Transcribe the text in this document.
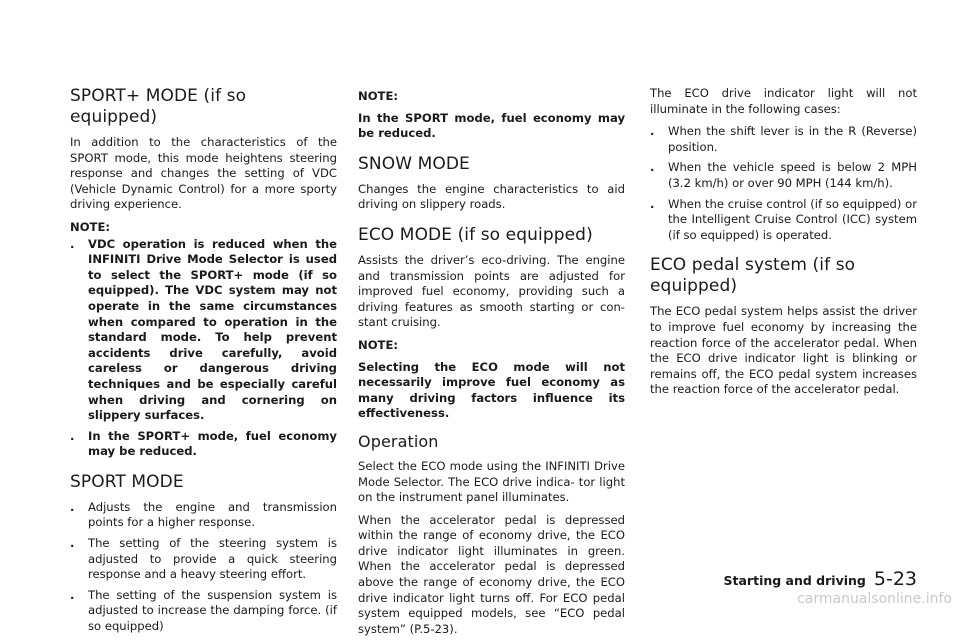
SPORT+ MODE (if so equipped)

In addition to the characteristics of the SPORT mode, this mode heightens steering response and changes the setting of VDC (Vehicle Dynamic Control) for a more sporty driving experience.

NOTE:
. VDC operation is reduced when the INFINITI Drive Mode Selector is used to select the SPORT+ mode (if so equipped). The VDC system may not operate in the same circumstances when compared to operation in the standard mode. To help prevent accidents drive carefully, avoid careless or dangerous driving techniques and be especially careful when driving and cornering on slippery surfaces.
. In the SPORT+ mode, fuel economy may be reduced.
SPORT MODE
. Adjusts the engine and transmission points for a higher response.
. The setting of the steering system is adjusted to provide a quick steering response and a heavy steering effort.
. The setting of the suspension system is adjusted to increase the damping force. (if so equipped)
NOTE:

In the SPORT mode, fuel economy may be reduced.

SNOW MODE

Changes the engine characteristics to aid driving on slippery roads.

ECO MODE (if so equipped)

Assists the driver’s eco-driving. The engine and transmission points are adjusted for improved fuel economy, providing such a driving features as smooth starting or con- stant cruising.

NOTE:

Selecting the ECO mode will not necessarily improve fuel economy as many driving factors influence its effectiveness.

Operation

Select the ECO mode using the INFINITI Drive Mode Selector. The ECO drive indica- tor light on the instrument panel illuminates.

When the accelerator pedal is depressed within the range of economy drive, the ECO drive indicator light illuminates in green. When the accelerator pedal is depressed above the range of economy drive, the ECO drive indicator light turns off. For ECO pedal system equipped models, see “ECO pedal system” (P.5-23).

The ECO drive indicator light will not illuminate in the following cases:

. When the shift lever is in the R (Reverse) position.
. When the vehicle speed is below 2 MPH (3.2 km/h) or over 90 MPH (144 km/h).
. When the cruise control (if so equipped) or the Intelligent Cruise Control (ICC) system (if so equipped) is operated.
ECO pedal system (if so equipped)

The ECO pedal system helps assist the driver to improve fuel economy by increasing the reaction force of the accelerator pedal. When the ECO drive indicator light is blinking or remains off, the ECO pedal system increases the reaction force of the accelerator pedal.

Starting and driving 5-23
carmanualsonline.info
